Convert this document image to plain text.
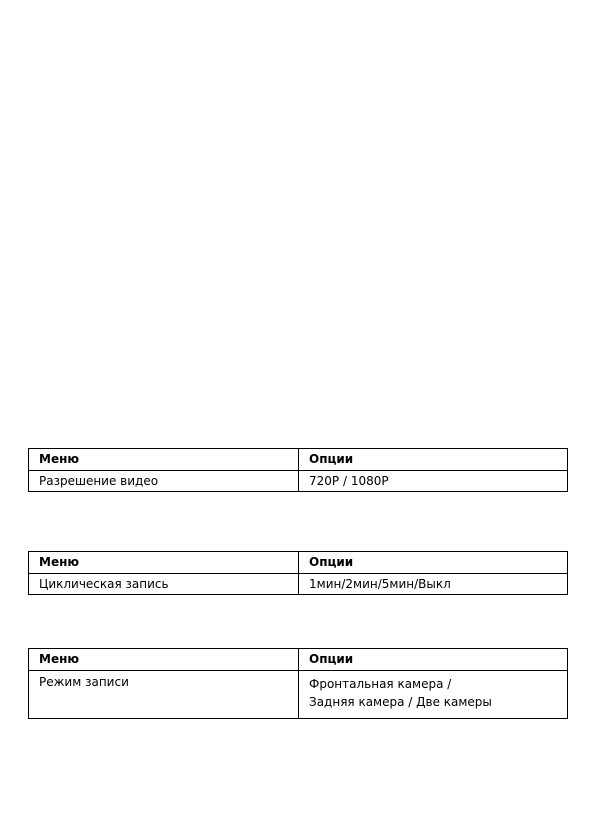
Меню	Опции
Разрешение видео	720P / 1080P
Меню	Опции
Циклическая запись	1мин/2мин/5мин/Выкл
Меню	Опции
Режим записи	Фронтальная камера /
Задняя камера / Две камеры
